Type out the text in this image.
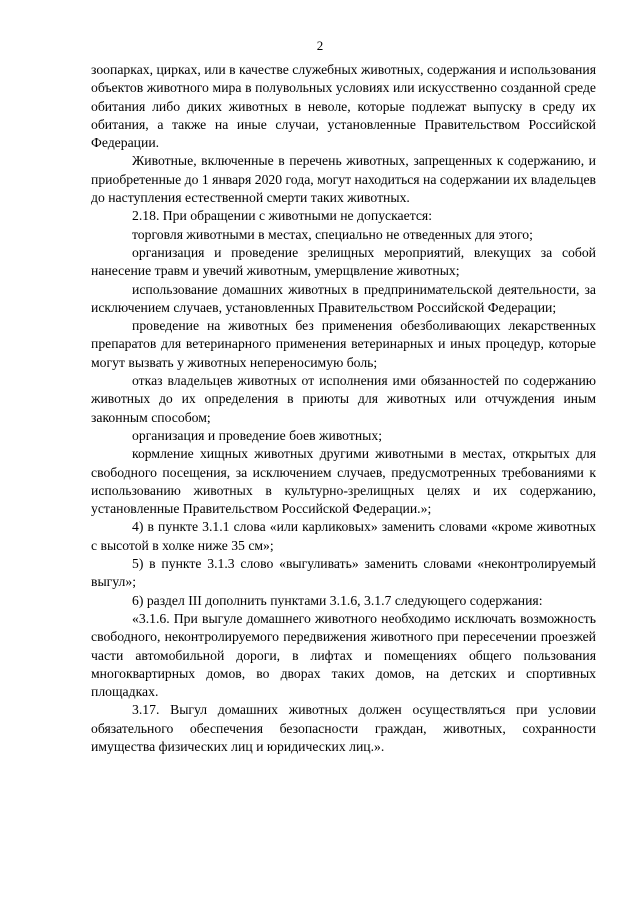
2

зоопарках, цирках, или в качестве служебных животных, содержания и использования объектов животного мира в полувольных условиях или искусственно созданной среде обитания либо диких животных в неволе, которые подлежат выпуску в среду их обитания, а также на иные случаи, установленные Правительством Российской Федерации.

Животные, включенные в перечень животных, запрещенных к содержанию, и приобретенные до 1 января 2020 года, могут находиться на содержании их владельцев до наступления естественной смерти таких животных.

2.18. При обращении с животными не допускается:

торговля животными в местах, специально не отведенных для этого;

организация и проведение зрелищных мероприятий, влекущих за собой нанесение травм и увечий животным, умерщвление животных;

использование домашних животных в предпринимательской деятельности, за исключением случаев, установленных Правительством Российской Федерации;

проведение на животных без применения обезболивающих лекарственных препаратов для ветеринарного применения ветеринарных и иных процедур, которые могут вызвать у животных непереносимую боль;

отказ владельцев животных от исполнения ими обязанностей по содержанию животных до их определения в приюты для животных или отчуждения иным законным способом;

организация и проведение боев животных;

кормление хищных животных другими животными в местах, открытых для свободного посещения, за исключением случаев, предусмотренных требованиями к использованию животных в культурно-зрелищных целях и их содержанию, установленные Правительством Российской Федерации.»;

4) в пункте 3.1.1 слова «или карликовых» заменить словами «кроме животных с высотой в холке ниже 35 см»;

5) в пункте 3.1.3 слово «выгуливать» заменить словами «неконтролируемый выгул»;

6) раздел III дополнить пунктами 3.1.6, 3.1.7 следующего содержания:

«3.1.6. При выгуле домашнего животного необходимо исключать возможность свободного, неконтролируемого передвижения животного при пересечении проезжей части автомобильной дороги, в лифтах и помещениях общего пользования многоквартирных домов, во дворах таких домов, на детских и спортивных площадках.

3.17. Выгул домашних животных должен осуществляться при условии обязательного обеспечения безопасности граждан, животных, сохранности имущества физических лиц и юридических лиц.».
